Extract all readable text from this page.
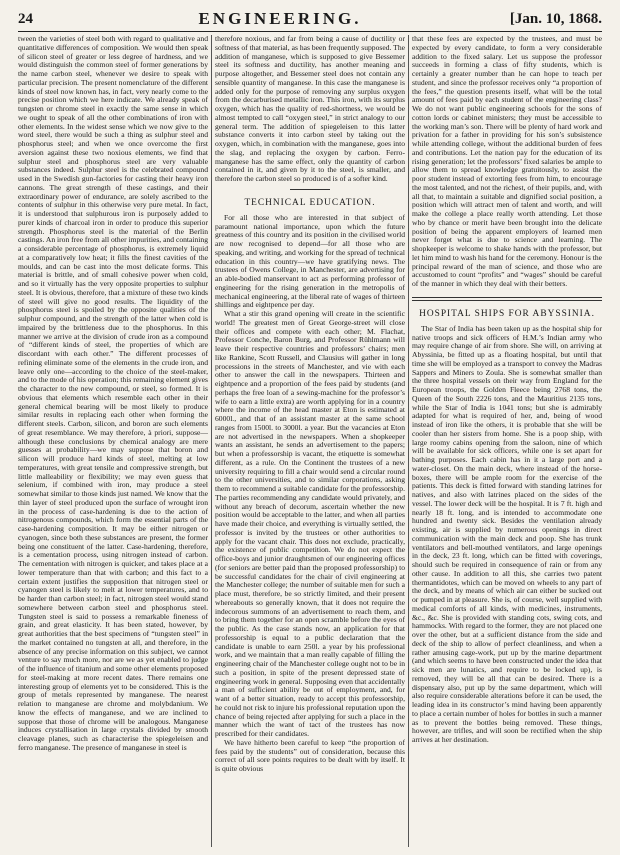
24	ENGINEERING.	[Jan. 10, 1868.

tween the varieties of steel both with regard to qualitative and quantitative differences of composition. We would then speak of silicon steel of greater or less degree of hardness, and we would distinguish the common steel of former generations by the name carbon steel, whenever we desire to speak with particular precision. The present nomenclature of the different kinds of steel now known has, in fact, very nearly come to the precise position which we here indicate. We already speak of tungsten or chrome steel in exactly the same sense in which we ought to speak of all the other combinations of iron with other elements. In the widest sense which we now give to the word steel, there would be such a thing as sulphur steel and phosphorus steel; and when we once overcome the first aversion against these two noxious elements, we find that sulphur steel and phosphorus steel are very valuable substances indeed. Sulphur steel is the celebrated compound used in the Swedish gun-factories for casting their heavy iron cannons. The great strength of these castings, and their extraordinary power of endurance, are solely ascribed to the contents of sulphur in this otherwise very pure metal. In fact, it is understood that sulphurous iron is purposely added to purer kinds of charcoal iron in order to produce this superior strength. Phosphorus steel is the material of the Berlin castings. An iron free from all other impurities, and containing a considerable percentage of phosphorus, is extremely liquid at a comparatively low heat; it fills the finest cavities of the moulds, and can be cast into the most delicate forms. This material is brittle, and of small cohesive power when cold, and so it virtually has the very opposite properties to sulphur steel. It is obvious, therefore, that a mixture of these two kinds of steel will give no good results. The liquidity of the phosphorus steel is spoiled by the opposite qualities of the sulphur compound, and the strength of the latter when cold is impaired by the brittleness due to the phosphorus. In this manner we arrive at the division of crude iron as a compound of “different kinds of steel, the properties of which are discordant with each other.” The different processes of refining eliminate some of the elements in the crude iron, and leave only one—according to the choice of the steel-maker, and to the mode of his operation; this remaining element gives the character to the new compound, or steel, so formed. It is obvious that elements which resemble each other in their general chemical bearing will be most likely to produce similar results in replacing each other when forming the different steels. Carbon, silicon, and boron are such elements of great resemblance. We may therefore, à priori, suppose—although these conclusions by chemical analogy are mere guesses at probability—we may suppose that boron and silicon will produce hard kinds of steel, melting at low temperatures, with great tensile and compressive strength, but little malleability or flexibility; we may even guess that selenium, if combined with iron, may produce a steel somewhat similar to those kinds just named. We know that the thin layer of steel produced upon the surface of wrought iron in the process of case-hardening is due to the action of nitrogenous compounds, which form the essential parts of the case-hardening composition. It may be either nitrogen or cyanogen, since both these substances are present, the former being one constituent of the latter. Case-hardening, therefore, is a cementation process, using nitrogen instead of carbon. The cementation with nitrogen is quicker, and takes place at a lower temperature than that with carbon; and this fact to a certain extent justifies the supposition that nitrogen steel or cyanogen steel is likely to melt at lower temperatures, and to be harder than carbon steel; in fact, nitrogen steel would stand somewhere between carbon steel and phosphorus steel. Tungsten steel is said to possess a remarkable fineness of grain, and great elasticity. It has been stated, however, by great authorities that the best specimens of “tungsten steel” in the market contained no tungsten at all, and therefore, in the absence of any precise information on this subject, we cannot venture to say much more, nor are we as yet enabled to judge of the influence of titanium and some other elements proposed for steel-making at more recent dates. There remains one interesting group of elements yet to be considered. This is the group of metals represented by manganese. The nearest relation to manganese are chrome and molybdanium. We know the effects of manganese, and we are inclined to suppose that those of chrome will be analogous. Manganese induces crystallisation in large crystals divided by smooth cleavage planes, such as characterise the spiegeleisen and ferro manganese. The presence of manganese in steel is

therefore noxious, and far from being a cause of ductility or softness of that material, as has been frequently supposed. The addition of manganese, which is supposed to give Bessemer steel its softness and ductility, has another meaning and purpose altogether, and Bessemer steel does not contain any sensible quantity of manganese. In this case the manganese is added only for the purpose of removing any surplus oxygen from the decarburised metallic iron. This iron, with its surplus oxygen, which has the quality of red-shortness, we would be almost tempted to call “oxygen steel,” in strict analogy to our general term. The addition of spiegeleisen to this latter substance converts it into carbon steel by taking out the oxygen, which, in combination with the manganese, goes into the slag, and replacing the oxygen by carbon. Ferro-manganese has the same effect, only the quantity of carbon contained in it, and given by it to the steel, is smaller, and therefore the carbon steel so produced is of a softer kind.

TECHNICAL EDUCATION.

For all those who are interested in that subject of paramount national importance, upon which the future greatness of this country and its position in the civilised world are now recognised to depend—for all those who are speaking, and writing, and working for the spread of technical education in this country—we have gratifying news. The trustees of Owens College, in Manchester, are advertising for an able-bodied manservant to act as performing professor of engineering for the rising generation in the metropolis of mechanical engineering, at the liberal rate of wages of thirteen shillings and eightpence per day.

What a stir this grand opening will create in the scientific world! The greatest men of Great George-street will close their offices and compete with each other; M. Flachat, Professor Conche, Baron Burg, and Professor Rühlmann will leave their respective countries and professors’ chairs; men like Rankine, Scott Russell, and Clausius will gather in long processions in the streets of Manchester, and vie with each other to answer the call in the newspapers. Thirteen and eightpence and a proportion of the fees paid by students (and perhaps the free loan of a sewing-machine for the professor’s wife to earn a little extra) are worth applying for in a country where the income of the head master at Eton is estimated at 6000l., and that of an assistant master at the same school ranges from 1500l. to 3000l. a year. But the vacancies at Eton are not advertised in the newspapers. When a shopkeeper wants an assistant, he sends an advertisement to the papers; but when a professorship is vacant, the etiquette is somewhat different, as a rule. On the Continent the trustees of a new university requiring to fill a chair would send a circular round to the other universities, and to similar corporations, asking them to recommend a suitable candidate for the professorship. The parties recommending any candidate would privately, and without any breach of decorum, ascertain whether the new position would be acceptable to the latter, and when all parties have made their choice, and everything is virtually settled, the professor is invited by the trustees or other authorities to apply for the vacant chair. This does not exclude, practically, the existence of public competition. We do not expect the office-boys and junior draughtsmen of our engineering offices (for seniors are better paid than the proposed professorship) to be successful candidates for the chair of civil engineering at the Manchester college; the number of suitable men for such a place must, therefore, be so strictly limited, and their present whereabouts so generally known, that it does not require the indecorous summons of an advertisement to reach them, and to bring them together for an open scramble before the eyes of the public. As the case stands now, an application for that professorship is equal to a public declaration that the candidate is unable to earn 250l. a year by his professional work, and we maintain that a man really capable of filling the engineering chair of the Manchester college ought not to be in such a position, in spite of the present depressed state of engineering work in general. Supposing even that accidentally a man of sufficient ability be out of employment, and, for want of a better situation, ready to accept this professorship, he could not risk to injure his professional reputation upon the chance of being rejected after applying for such a place in the manner which the want of tact of the trustees has now prescribed for their candidates.

We have hitherto been careful to keep “the proportion of fees paid by the students” out of consideration, because this correct of all sore points requires to be dealt with by itself. It is quite obvious

that these fees are expected by the trustees, and must be expected by every candidate, to form a very considerable addition to the fixed salary. Let us suppose the professor succeeds in forming a class of fifty students, which is certainly a greater number than he can hope to teach per student, and since the professor receives only “a proportion of the fees,” the question presents itself, what will be the total amount of fees paid by each student of the engineering class? We do not want public engineering schools for the sons of cotton lords or cabinet ministers; they must be accessible to the working man’s son. There will be plenty of hard work and privation for a father in providing for his son’s subsistence while attending college, without the additional burden of fees and contributions. Let the nation pay for the education of its rising generation; let the professors’ fixed salaries be ample to allow them to spread knowledge gratuitously, to assist the poor student instead of extorting fees from him, to encourage the most talented, and not the richest, of their pupils, and, with all that, to maintain a suitable and dignified social position, a position which will attract men of talent and worth, and will make the college a place really worth attending. Let those who by chance or merit have been brought into the delicate position of being the apparent employers of learned men never forget what is due to science and learning. The shopkeeper is welcome to shake hands with the professor, but let him mind to wash his hand for the ceremony. Honour is the principal reward of the man of science, and those who are accustomed to count “profits” and “wages” should be careful of the manner in which they deal with their betters.

HOSPITAL SHIPS FOR ABYSSINIA.

The Star of India has been taken up as the hospital ship for native troops and sick officers of H.M.’s Indian army who may require change of air from shore. She will, on arriving at Abyssinia, be fitted up as a floating hospital, but until that time she will be employed as a transport to convey the Madras Sappers and Miners to Zoula. She is somewhat smaller than the three hospital vessels on their way from England for the European troops, the Golden Fleece being 2768 tons, the Queen of the South 2226 tons, and the Mauritius 2135 tons, while the Star of India is 1041 tons; but she is admirably adapted for what is required of her, and, being of wood instead of iron like the others, it is probable that she will be cooler than her sisters from home. She is a poop ship, with large roomy cabins opening from the saloon, nine of which will be available for sick officers, while one is set apart for bathing purposes. Each cabin has in it a large port and a water-closet. On the main deck, where instead of the horse-boxes, there will be ample room for the exercise of the patients. This deck is fitted forward with standing latrines for natives, and also with latrines placed on the sides of the vessel. The lower deck will be the hospital. It is 7 ft. high and nearly 18 ft. long, and is intended to accommodate one hundred and twenty sick. Besides the ventilation already existing, air is supplied by numerous openings in direct communication with the main deck and poop. She has trunk ventilators and bell-mouthed ventilators, and large openings in the deck, 23 ft. long, which can be fitted with coverings, should such be required in consequence of rain or from any other cause. In addition to all this, she carries two patent thermantidotes, which can be moved on wheels to any part of the deck, and by means of which air can either be sucked out or pumped in at pleasure. She is, of course, well supplied with medical comforts of all kinds, with medicines, instruments, &c., &c. She is provided with standing cots, swing cots, and hammocks. With regard to the former, they are not placed one over the other, but at a sufficient distance from the side and deck of the ship to allow of perfect cleanliness, and when a rather amusing cage-work, put up by the marine department (and which seems to have been constructed under the idea that sick men are lunatics, and require to be locked up), is removed, they will be all that can be desired. There is a dispensary also, put up by the same department, which will also require considerable alterations before it can be used, the leading idea in its constructor’s mind having been apparently to place a certain number of holes for bottles in such a manner as to prevent the bottles being removed. These things, however, are trifles, and will soon be rectified when the ship arrives at her destination.
